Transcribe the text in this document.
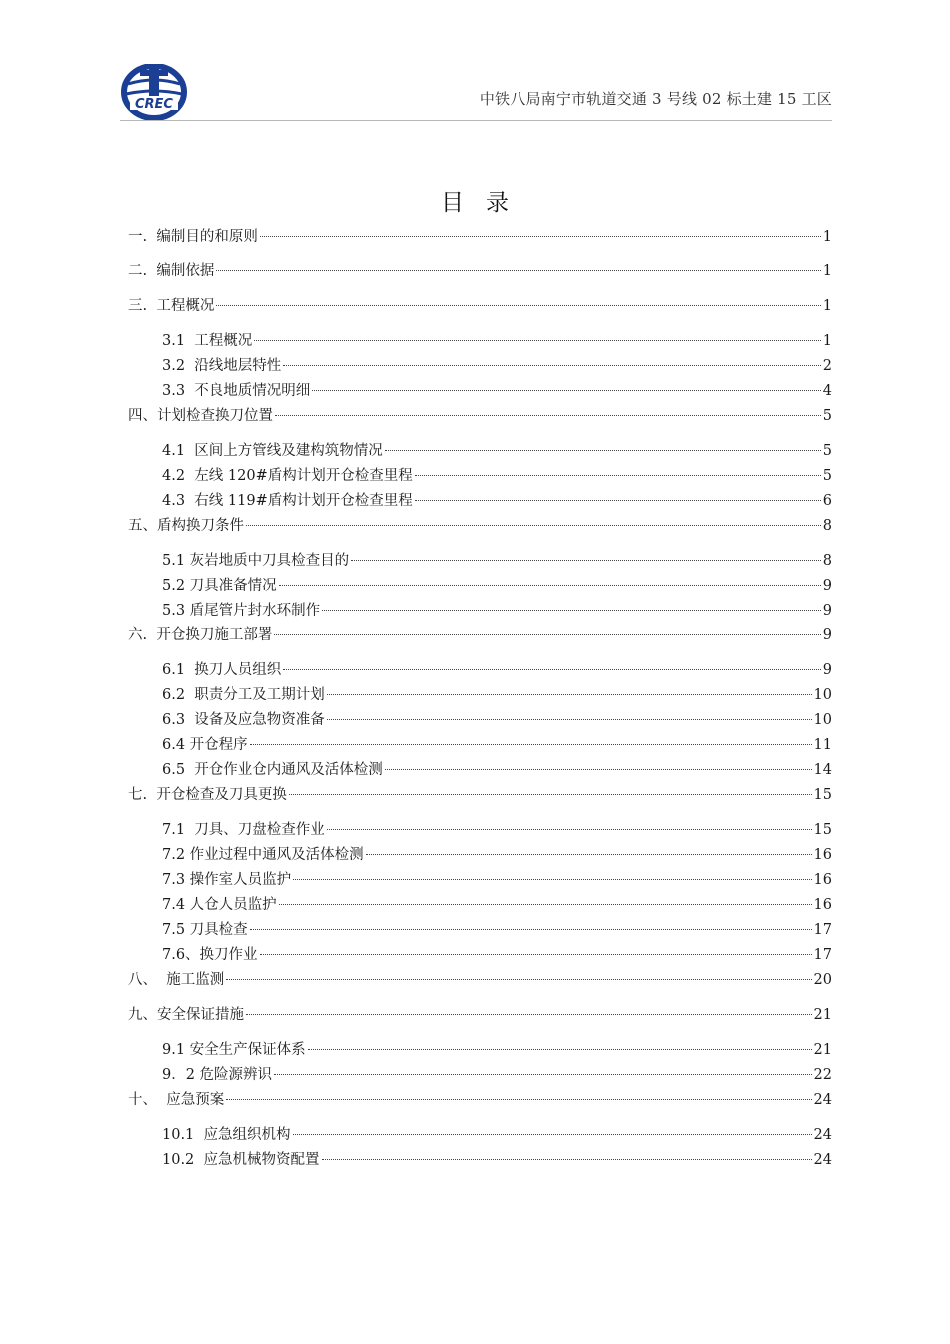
CREC	中铁八局南宁市轨道交通 3 号线 02 标土建 15 工区
目录
一.  编制目的和原则	1
二.  编制依据	1
三.  工程概况	1
3.1  工程概况	1
3.2  沿线地层特性	2
3.3  不良地质情况明细	4
四、计划检查换刀位置	5
4.1  区间上方管线及建构筑物情况	5
4.2  左线 120#盾构计划开仓检查里程	5
4.3  右线 119#盾构计划开仓检查里程	6
五、盾构换刀条件	8
5.1 灰岩地质中刀具检查目的	8
5.2 刀具准备情况	9
5.3 盾尾管片封水环制作	9
六.  开仓换刀施工部署	9
6.1  换刀人员组织	9
6.2  职责分工及工期计划	10
6.3  设备及应急物资准备	10
6.4 开仓程序	11
6.5  开仓作业仓内通风及活体检测	14
七.  开仓检查及刀具更换	15
7.1  刀具、刀盘检查作业	15
7.2 作业过程中通风及活体检测	16
7.3 操作室人员监护	16
7.4 人仓人员监护	16
7.5 刀具检查	17
7.6、换刀作业	17
八、  施工监测	20
九、安全保证措施	21
9.1 安全生产保证体系	21
9．2 危险源辨识	22
十、  应急预案	24
10.1  应急组织机构	24
10.2  应急机械物资配置	24
